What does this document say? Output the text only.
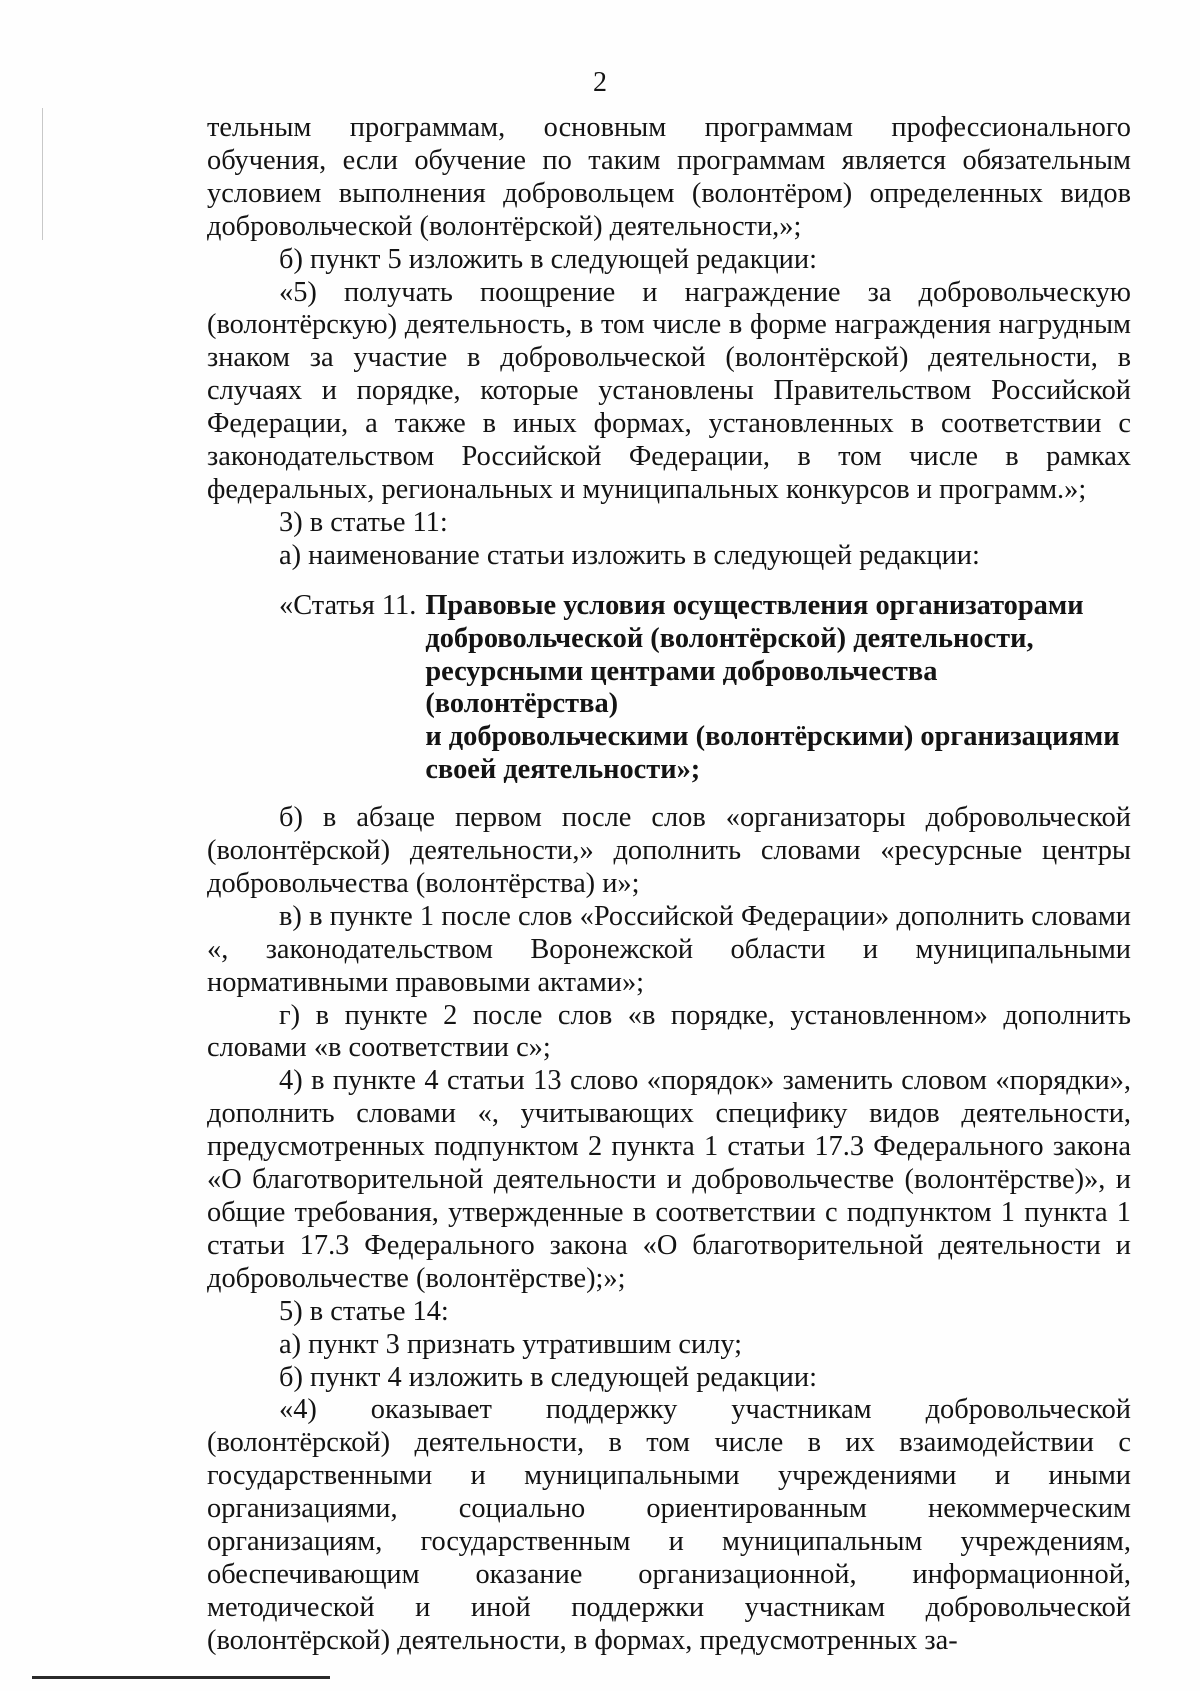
2

тельным программам, основным программам профессионального обучения, если обучение по таким программам является обязательным условием выполнения добровольцем (волонтёром) определенных видов добровольческой (волонтёрской) деятельности,»;

б) пункт 5 изложить в следующей редакции:

«5) получать поощрение и награждение за добровольческую (волонтёрскую) деятельность, в том числе в форме награждения нагрудным знаком за участие в добровольческой (волонтёрской) деятельности, в случаях и порядке, которые установлены Правительством Российской Федерации, а также в иных формах, установленных в соответствии с законодательством Российской Федерации, в том числе в рамках федеральных, региональных и муниципальных конкурсов и программ.»;

3) в статье 11:

а) наименование статьи изложить в следующей редакции:

«Статья 11. Правовые условия осуществления организаторами
добровольческой (волонтёрской) деятельности,
ресурсными центрами добровольчества (волонтёрства)
и добровольческими (волонтёрскими) организациями
своей деятельности»;

б) в абзаце первом после слов «организаторы добровольческой (волонтёрской) деятельности,» дополнить словами «ресурсные центры добровольчества (волонтёрства) и»;

в) в пункте 1 после слов «Российской Федерации» дополнить словами «, законодательством Воронежской области и муниципальными нормативными правовыми актами»;

г) в пункте 2 после слов «в порядке, установленном» дополнить словами «в соответствии с»;

4) в пункте 4 статьи 13 слово «порядок» заменить словом «порядки», дополнить словами «, учитывающих специфику видов деятельности, предусмотренных подпунктом 2 пункта 1 статьи 17.3 Федерального закона «О благотворительной деятельности и добровольчестве (волонтёрстве)», и общие требования, утвержденные в соответствии с подпунктом 1 пункта 1 статьи 17.3 Федерального закона «О благотворительной деятельности и добровольчестве (волонтёрстве);»;

5) в статье 14:

а) пункт 3 признать утратившим силу;

б) пункт 4 изложить в следующей редакции:

«4) оказывает поддержку участникам добровольческой (волонтёрской) деятельности, в том числе в их взаимодействии с государственными и муниципальными учреждениями и иными организациями, социально ориентированным некоммерческим организациям, государственным и муниципальным учреждениям, обеспечивающим оказание организационной, информационной, методической и иной поддержки участникам добровольческой (волонтёрской) деятельности, в формах, предусмотренных за-
